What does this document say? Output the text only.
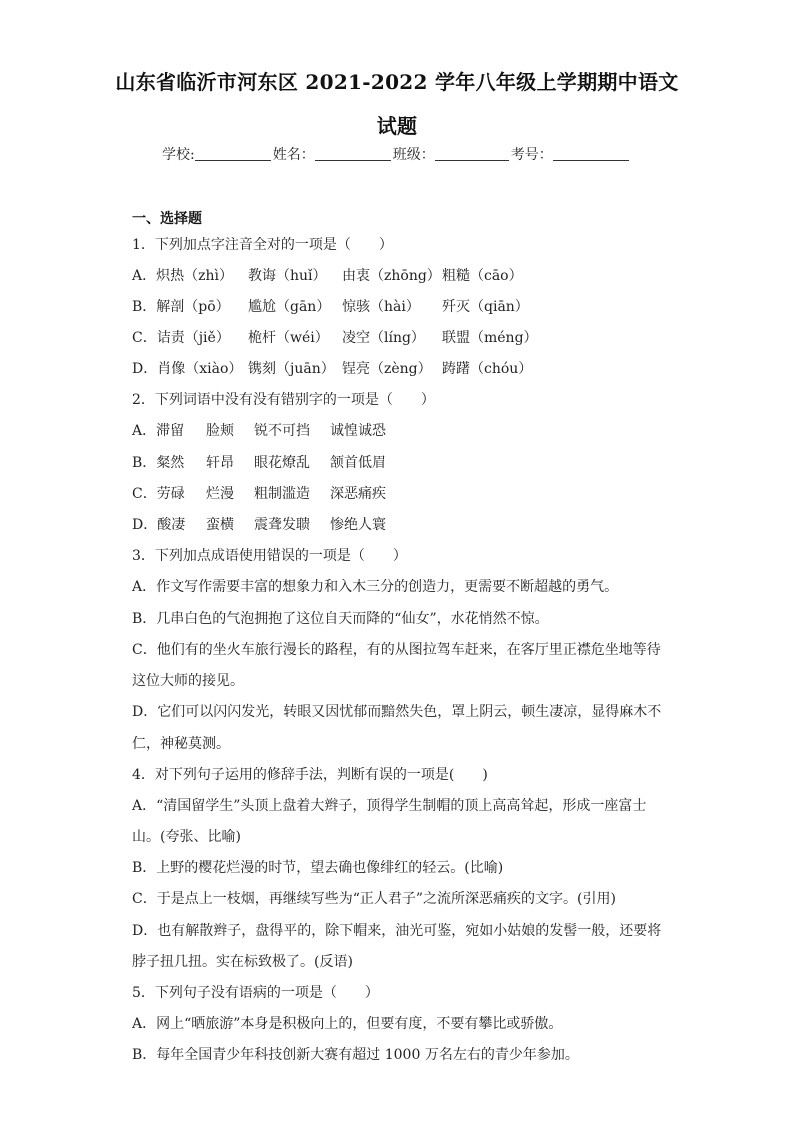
山东省临沂市河东区 2021-2022 学年八年级上学期期中语文
试题
学校:	姓名：	班级：	考号：
一、选择题
1．下列加点字注音全对的一项是（　　）
A．炽热（zhì） 教诲（huǐ） 由衷（zhōng）粗糙（cāo）
B．解剖（pō） 尴尬（gān） 惊骇（hài） 歼灭（qiān）
C．诘责（jiě） 桅杆（wéi） 凌空（líng） 联盟（méng）
D．肖像（xiào） 镌刻（juān） 锃亮（zèng） 踌躇（chóu）
2．下列词语中没有没有错别字的一项是（　　）
A．滞留 脸颊 锐不可挡 诚惶诚恐
B．粲然 轩昂 眼花燎乱 颔首低眉
C．劳碌 烂漫 粗制滥造 深恶痛疾
D．酸凄 蛮横 震聋发聩 惨绝人寰
3．下列加点成语使用错误的一项是（　　）
A．作文写作需要丰富的想象力和入木三分的创造力，更需要不断超越的勇气。
B．几串白色的气泡拥抱了这位自天而降的“仙女”，水花悄然不惊。
C．他们有的坐火车旅行漫长的路程，有的从图拉驾车赶来，在客厅里正襟危坐地等待
这位大师的接见。
D．它们可以闪闪发光，转眼又因忧郁而黯然失色，罩上阴云，顿生凄凉，显得麻木不
仁，神秘莫测。
4．对下列句子运用的修辞手法，判断有误的一项是(　　)
A．“清国留学生”头顶上盘着大辫子，顶得学生制帽的顶上高高耸起，形成一座富士
山。(夸张、比喻)
B．上野的樱花烂漫的时节，望去确也像绯红的轻云。(比喻)
C．于是点上一枝烟，再继续写些为“正人君子”之流所深恶痛疾的文字。(引用)
D．也有解散辫子，盘得平的，除下帽来，油光可鉴，宛如小姑娘的发髻一般，还要将
脖子扭几扭。实在标致极了。(反语)
5．下列句子没有语病的一项是（　　）
A．网上“晒旅游”本身是积极向上的，但要有度，不要有攀比或骄傲。
B．每年全国青少年科技创新大赛有超过 1000 万名左右的青少年参加。
